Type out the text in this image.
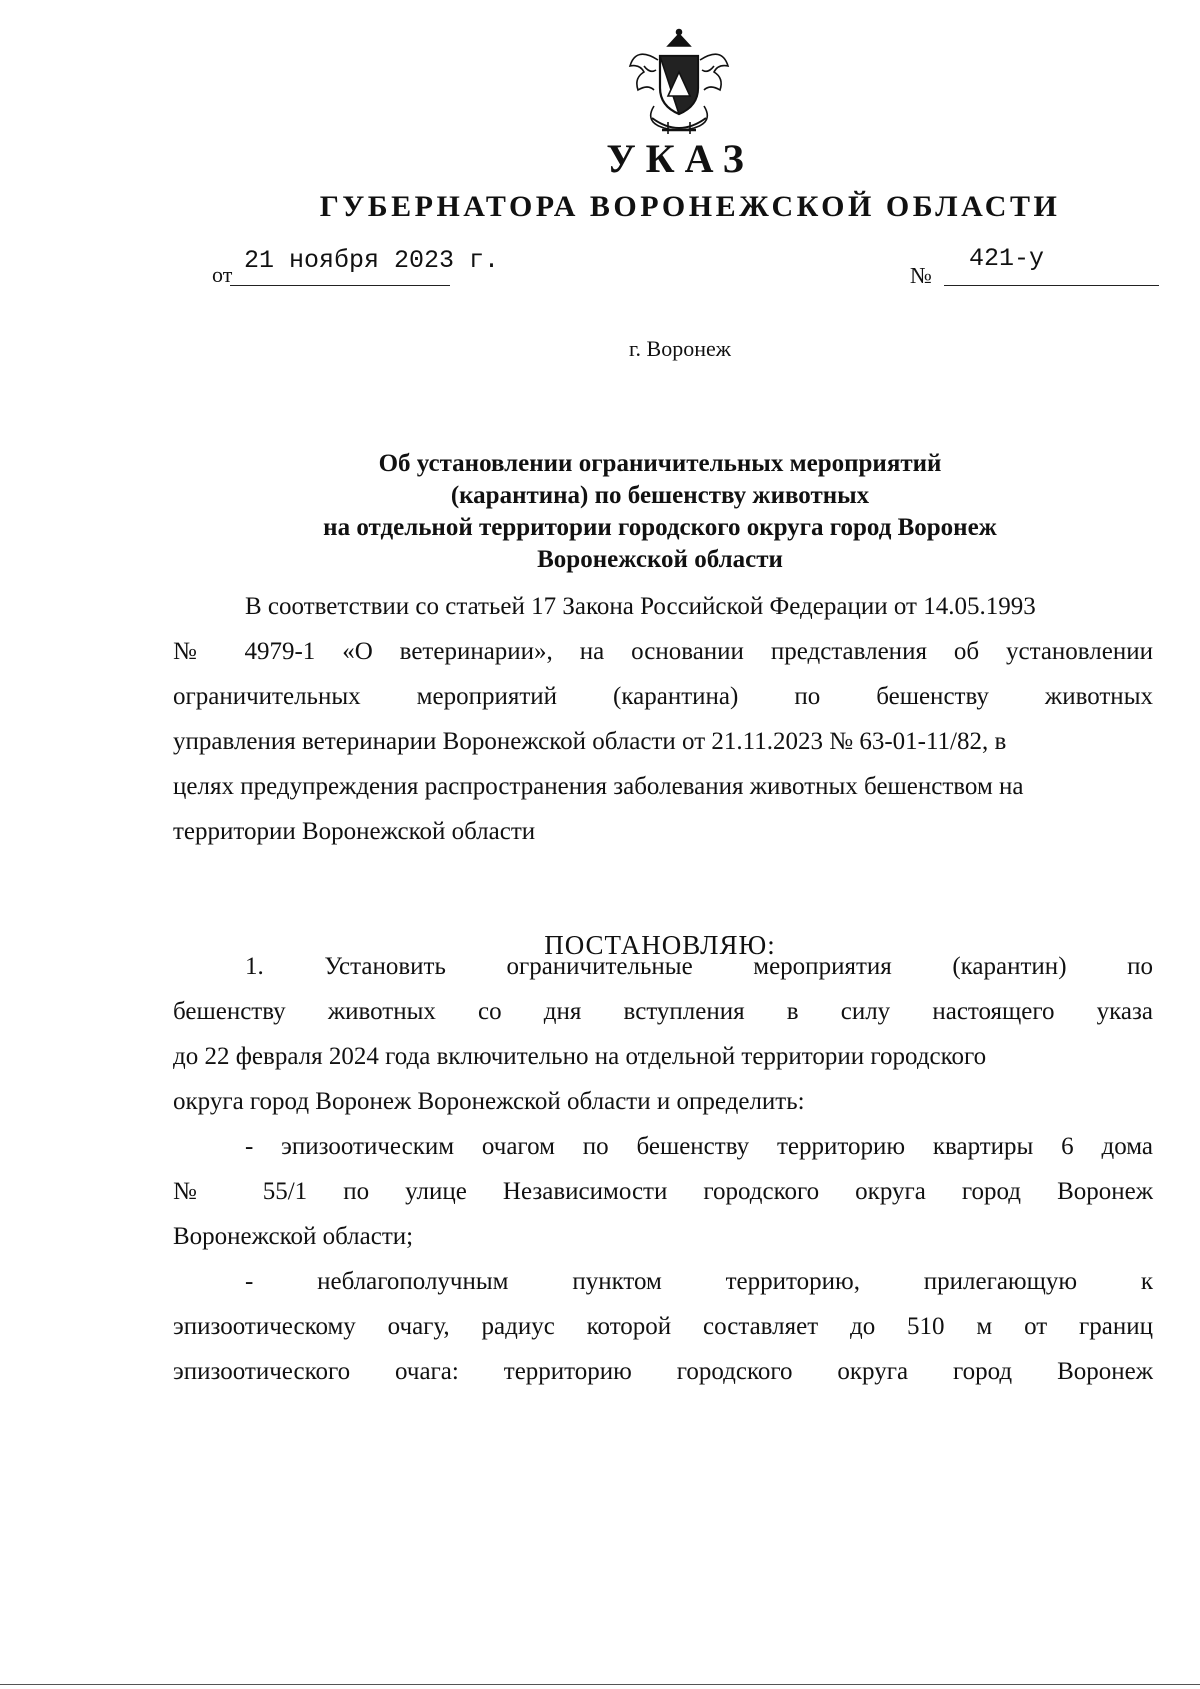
УКАЗ
ГУБЕРНАТОРА ВОРОНЕЖСКОЙ ОБЛАСТИ
от 21 ноября 2023 г.
№
421-у
г. Воронеж
Об установлении ограничительных мероприятий
(карантина) по бешенству животных
на отдельной территории городского округа город Воронеж
Воронежской области
В соответствии со статьей 17 Закона Российской Федерации от 14.05.1993
№ 4979-1 «О ветеринарии», на основании представления об установлении
ограничительных мероприятий (карантина) по бешенству животных
управления ветеринарии Воронежской области от 21.11.2023 № 63-01-11/82, в
целях предупреждения распространения заболевания животных бешенством на
территории Воронежской области
ПОСТАНОВЛЯЮ:
1. Установить ограничительные мероприятия (карантин) по
бешенству животных со дня вступления в силу настоящего указа
до 22 февраля 2024 года включительно на отдельной территории городского
округа город Воронеж Воронежской области и определить:
- эпизоотическим очагом по бешенству территорию квартиры 6 дома
№ 55/1 по улице Независимости городского округа город Воронеж
Воронежской области;
- неблагополучным пунктом территорию, прилегающую к
эпизоотическому очагу, радиус которой составляет до 510 м от границ
эпизоотического очага: территорию городского округа город Воронеж
